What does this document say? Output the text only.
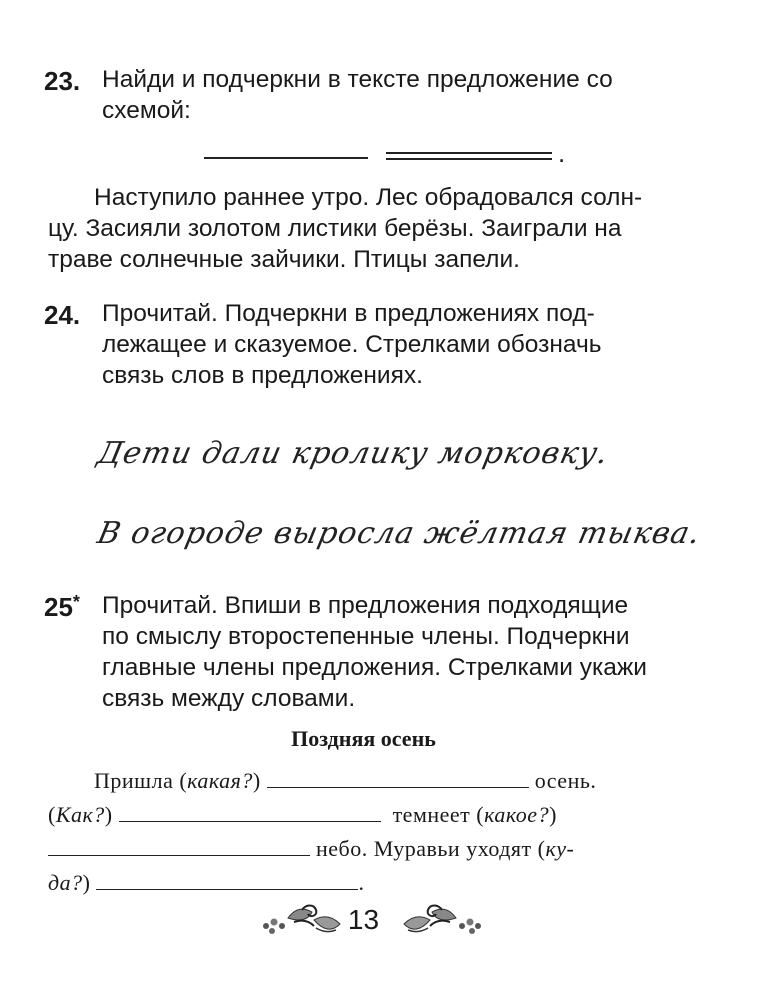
23. Найди и подчеркни в тексте предложение со
схемой:
.
Наступило раннее утро. Лес обрадовался солн-
цу. Засияли золотом листики берёзы. Заиграли на
траве солнечные зайчики. Птицы запели.
24. Прочитай. Подчеркни в предложениях под-
лежащее и сказуемое. Стрелками обозначь
связь слов в предложениях.
Дети дали кролику морковку.
В огороде выросла жёлтая тыква.
25* Прочитай. Впиши в предложения подходящие
по смыслу второстепенные члены. Подчеркни
главные члены предложения. Стрелками укажи
связь между словами.
Поздняя осень
Пришла (какая?)	осень.
(Как?)	темнеет (какое?)
небо. Муравьи уходят (ку-
да?)	.
13
